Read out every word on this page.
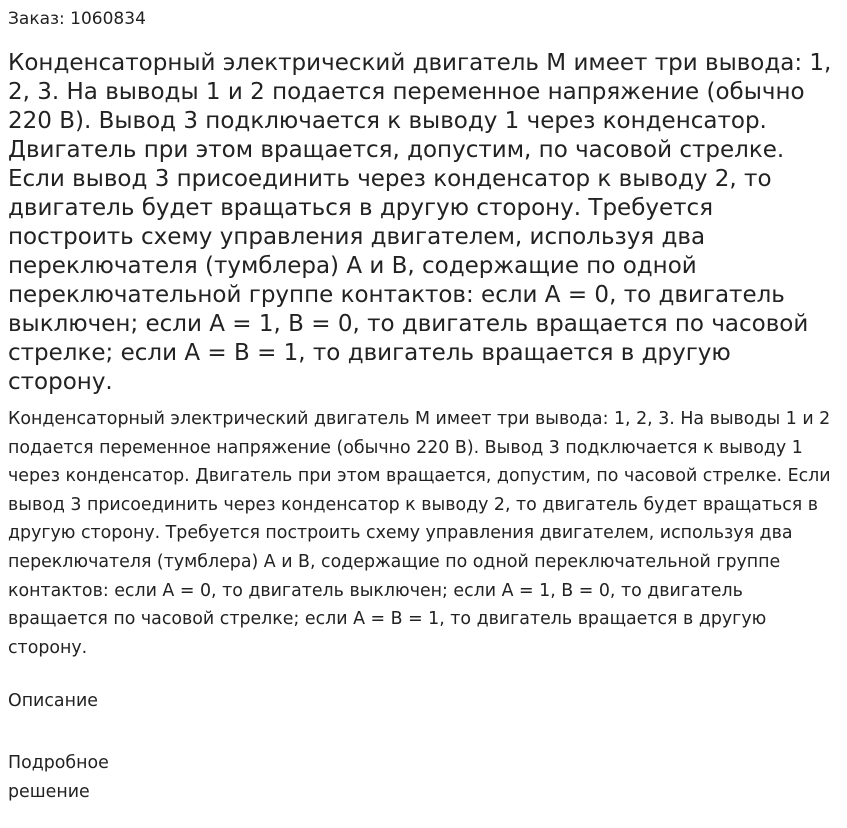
Заказ: 1060834
Конденсаторный электрический двигатель М имеет три вывода: 1, 2, 3. На выводы 1 и 2 подается переменное напряжение (обычно 220 В). Вывод 3 подключается к выводу 1 через конденсатор. Двигатель при этом вращается, допустим, по часовой стрелке. Если вывод 3 присоединить через конденсатор к выводу 2, то двигатель будет вращаться в другую сторону. Требуется построить схему управления двигателем, используя два переключателя (тумблера) А и В, содержащие по одной переключательной группе контактов: если А = 0, то двигатель выключен; если А = 1, В = 0, то двигатель вращается по часовой стрелке; если А = В = 1, то двигатель вращается в другую сторону.

Конденсаторный электрический двигатель М имеет три вывода: 1, 2, 3. На выводы 1 и 2 подается переменное напряжение (обычно 220 В). Вывод 3 подключается к выводу 1 через конденсатор. Двигатель при этом вращается, допустим, по часовой стрелке. Если вывод 3 присоединить через конденсатор к выводу 2, то двигатель будет вращаться в другую сторону. Требуется построить схему управления двигателем, используя два переключателя (тумблера) А и В, содержащие по одной переключательной группе контактов: если А = 0, то двигатель выключен; если А = 1, В = 0, то двигатель вращается по часовой стрелке; если А = В = 1, то двигатель вращается в другую сторону.

Описание
Подробное решение
